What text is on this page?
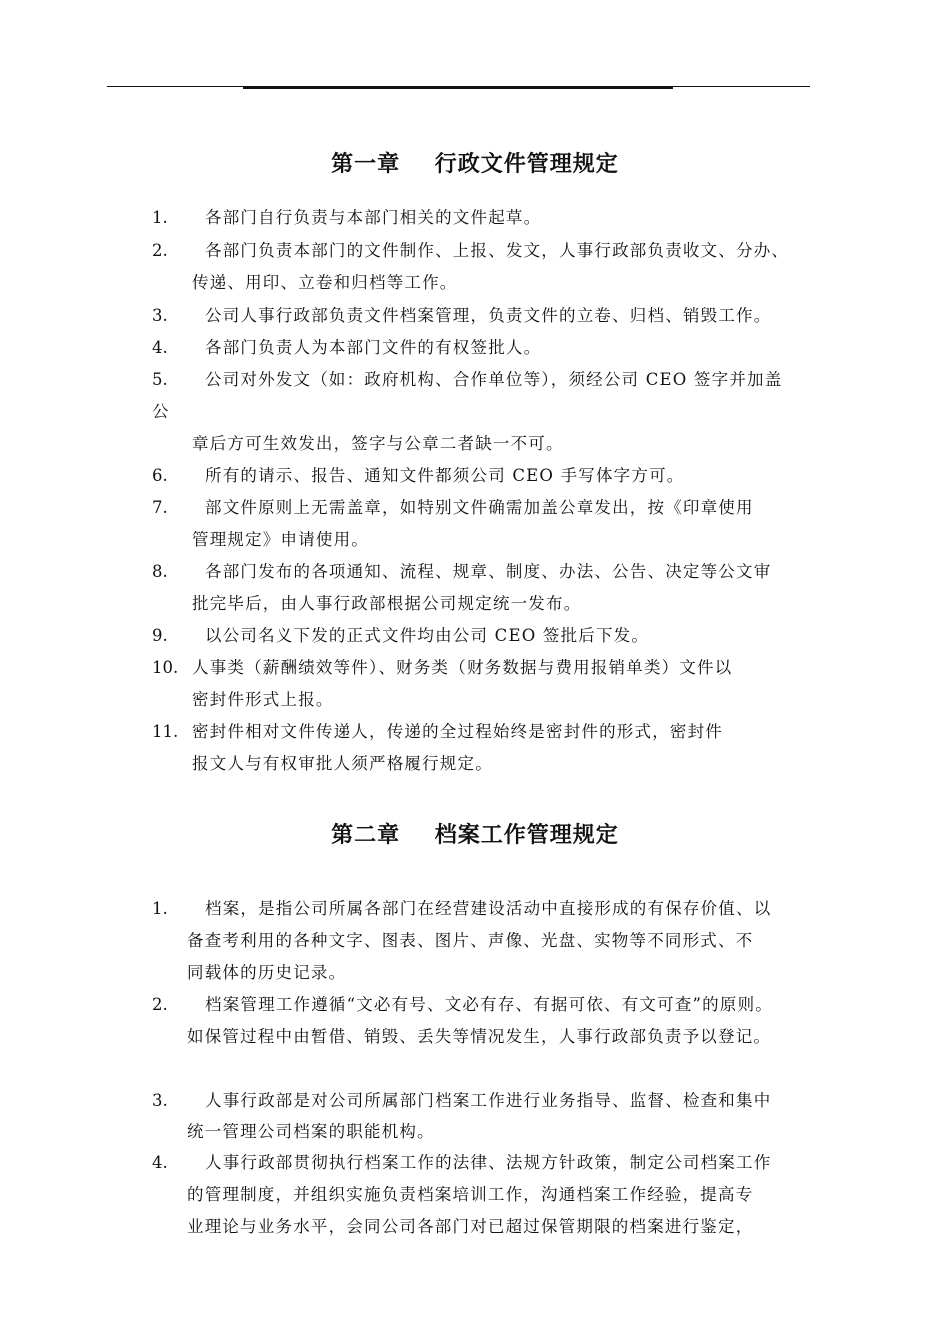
第一章    行政文件管理规定
1. 各部门自行负责与本部门相关的文件起草。
2. 各部门负责本部门的文件制作、上报、发文，人事行政部负责收文、分办、
传递、用印、立卷和归档等工作。
3. 公司人事行政部负责文件档案管理，负责文件的立卷、归档、销毁工作。
4. 各部门负责人为本部门文件的有权签批人。
5. 公司对外发文（如：政府机构、合作单位等），须经公司 CEO 签字并加盖
公
章后方可生效发出，签字与公章二者缺一不可。
6. 所有的请示、报告、通知文件都须公司 CEO 手写体字方可。
7. 部文件原则上无需盖章，如特别文件确需加盖公章发出，按《印章使用
管理规定》申请使用。
8. 各部门发布的各项通知、流程、规章、制度、办法、公告、决定等公文审
批完毕后，由人事行政部根据公司规定统一发布。
9. 以公司名义下发的正式文件均由公司 CEO 签批后下发。
10. 人事类（薪酬绩效等件）、财务类（财务数据与费用报销单类）文件以
密封件形式上报。
11. 密封件相对文件传递人，传递的全过程始终是密封件的形式，密封件
报文人与有权审批人须严格履行规定。
第二章    档案工作管理规定
1. 档案，是指公司所属各部门在经营建设活动中直接形成的有保存价值、以
备查考利用的各种文字、图表、图片、声像、光盘、实物等不同形式、不
同载体的历史记录。
2. 档案管理工作遵循“文必有号、文必有存、有据可依、有文可查”的原则。
如保管过程中由暂借、销毁、丢失等情况发生，人事行政部负责予以登记。
3. 人事行政部是对公司所属部门档案工作进行业务指导、监督、检查和集中
统一管理公司档案的职能机构。
4. 人事行政部贯彻执行档案工作的法律、法规方针政策，制定公司档案工作
的管理制度，并组织实施负责档案培训工作，沟通档案工作经验，提高专
业理论与业务水平，会同公司各部门对已超过保管期限的档案进行鉴定，
